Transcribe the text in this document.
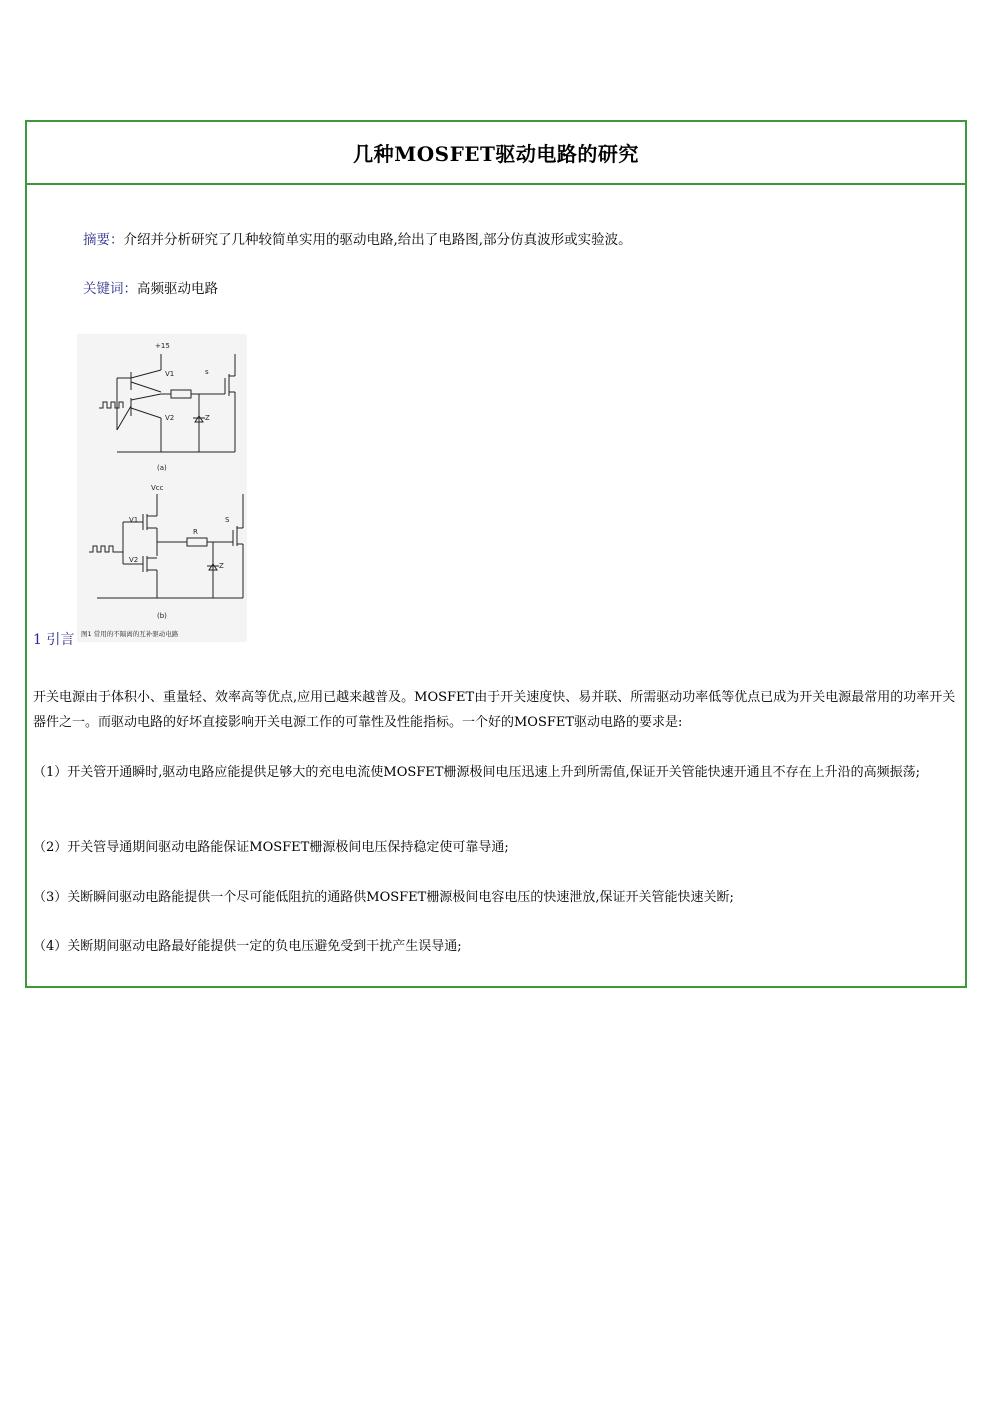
几种MOSFET驱动电路的研究
摘要：介绍并分析研究了几种较简单实用的驱动电路,给出了电路图,部分仿真波形或实验波。
关键词：高频驱动电路
+15
V1
V2
s
Z
(a)
Vcc
V1
V2
R
S
Z
(b)
图1 常用的不隔离的互补驱动电路
1 引言

开关电源由于体积小、重量轻、效率高等优点,应用已越来越普及。MOSFET由于开关速度快、易并联、所需驱动功率低等优点已成为开关电源最常用的功率开关器件之一。而驱动电路的好坏直接影响开关电源工作的可靠性及性能指标。一个好的MOSFET驱动电路的要求是:

（1）开关管开通瞬时,驱动电路应能提供足够大的充电电流使MOSFET栅源极间电压迅速上升到所需值,保证开关管能快速开通且不存在上升沿的高频振荡;

（2）开关管导通期间驱动电路能保证MOSFET栅源极间电压保持稳定使可靠导通;

（3）关断瞬间驱动电路能提供一个尽可能低阻抗的通路供MOSFET栅源极间电容电压的快速泄放,保证开关管能快速关断;

（4）关断期间驱动电路最好能提供一定的负电压避免受到干扰产生误导通;
